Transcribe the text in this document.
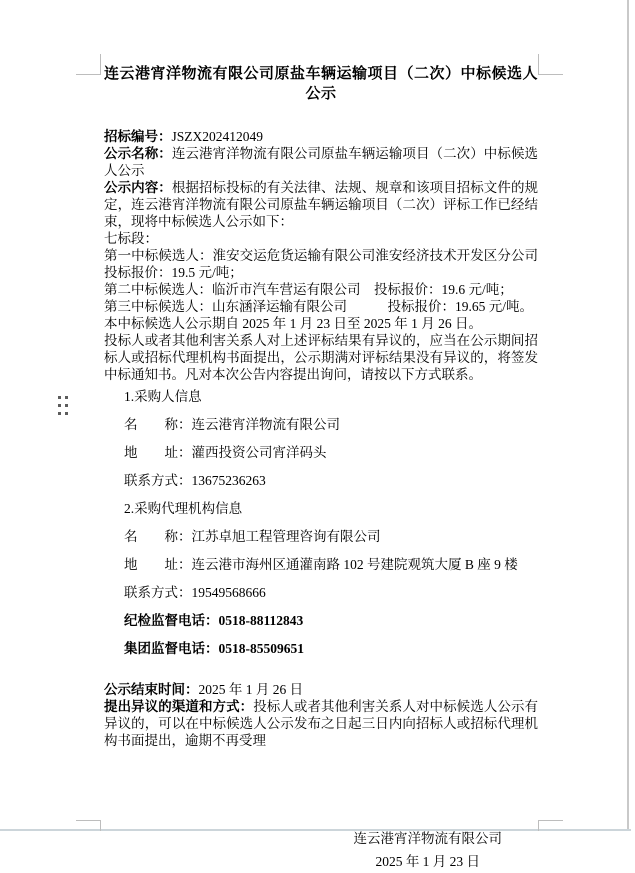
连云港宵洋物流有限公司原盐车辆运输项目（二次）中标候选人公示

招标编号：JSZX202412049

公示名称：连云港宵洋物流有限公司原盐车辆运输项目（二次）中标候选人公示

公示内容：根据招标投标的有关法律、法规、规章和该项目招标文件的规定，连云港宵洋物流有限公司原盐车辆运输项目（二次）评标工作已经结束，现将中标候选人公示如下：

七标段：

第一中标候选人：淮安交运危货运输有限公司淮安经济技术开发区分公司　投标报价：19.5 元/吨；

第二中标候选人：临沂市汽车营运有限公司　投标报价：19.6 元/吨；

第三中标候选人：山东涵泽运输有限公司　　　投标报价：19.65 元/吨。

本中标候选人公示期自 2025 年 1 月 23 日至 2025 年 1 月 26 日。

投标人或者其他利害关系人对上述评标结果有异议的，应当在公示期间招标人或招标代理机构书面提出，公示期满对评标结果没有异议的，将签发中标通知书。凡对本次公告内容提出询问，请按以下方式联系。

1.采购人信息

名　　称：连云港宵洋物流有限公司

地　　址：灌西投资公司宵洋码头

联系方式：13675236263

2.采购代理机构信息

名　　称：江苏卓旭工程管理咨询有限公司

地　　址：连云港市海州区通灌南路 102 号建院观筑大厦 B 座 9 楼

联系方式：19549568666

纪检监督电话：0518-88112843

集团监督电话：0518-85509651

公示结束时间：2025 年 1 月 26 日

提出异议的渠道和方式：投标人或者其他利害关系人对中标候选人公示有异议的，可以在中标候选人公示发布之日起三日内向招标人或招标代理机构书面提出，逾期不再受理

连云港宵洋物流有限公司
2025 年 1 月 23 日
